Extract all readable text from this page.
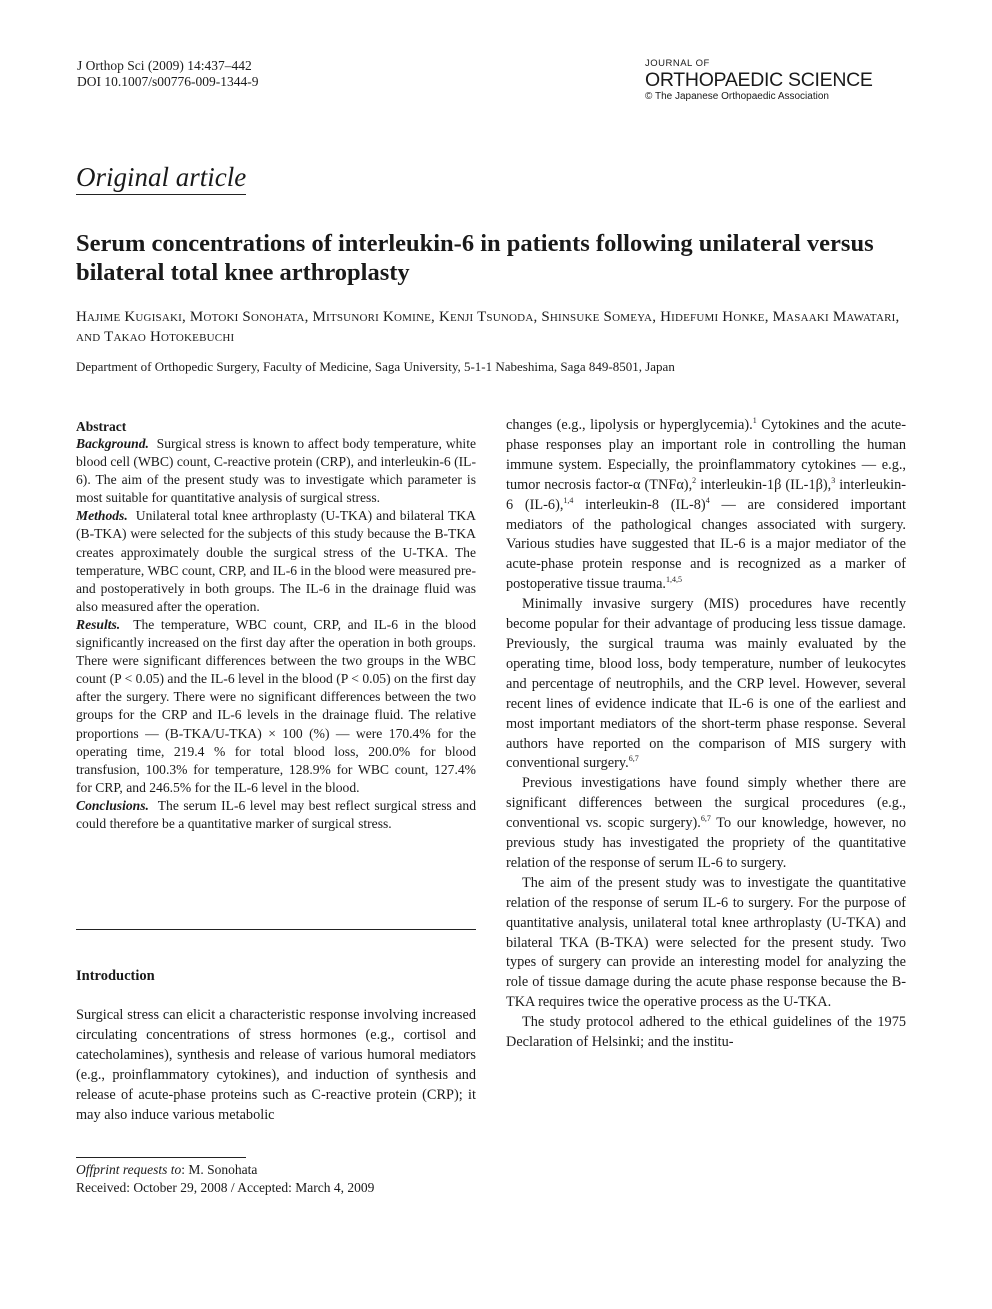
J Orthop Sci (2009) 14:437–442
DOI 10.1007/s00776-009-1344-9
JOURNAL OF
ORTHOPAEDIC SCIENCE
© The Japanese Orthopaedic Association
Original article
Serum concentrations of interleukin-6 in patients following unilateral versus bilateral total knee arthroplasty
Hajime Kugisaki, Motoki Sonohata, Mitsunori Komine, Kenji Tsunoda, Shinsuke Someya, Hidefumi Honke, Masaaki Mawatari, and Takao Hotokebuchi
Department of Orthopedic Surgery, Faculty of Medicine, Saga University, 5-1-1 Nabeshima, Saga 849-8501, Japan
Abstract

Background. Surgical stress is known to affect body temperature, white blood cell (WBC) count, C-reactive protein (CRP), and interleukin-6 (IL-6). The aim of the present study was to investigate which parameter is most suitable for quantitative analysis of surgical stress.

Methods. Unilateral total knee arthroplasty (U-TKA) and bilateral TKA (B-TKA) were selected for the subjects of this study because the B-TKA creates approximately double the surgical stress of the U-TKA. The temperature, WBC count, CRP, and IL-6 in the blood were measured pre- and postoperatively in both groups. The IL-6 in the drainage fluid was also measured after the operation.

Results. The temperature, WBC count, CRP, and IL-6 in the blood significantly increased on the first day after the operation in both groups. There were significant differences between the two groups in the WBC count (P < 0.05) and the IL-6 level in the blood (P < 0.05) on the first day after the surgery. There were no significant differences between the two groups for the CRP and IL-6 levels in the drainage fluid. The relative proportions — (B-TKA/U-TKA) × 100 (%) — were 170.4% for the operating time, 219.4 % for total blood loss, 200.0% for blood transfusion, 100.3% for temperature, 128.9% for WBC count, 127.4% for CRP, and 246.5% for the IL-6 level in the blood.

Conclusions. The serum IL-6 level may best reflect surgical stress and could therefore be a quantitative marker of surgical stress.

Introduction

Surgical stress can elicit a characteristic response involving increased circulating concentrations of stress hormones (e.g., cortisol and catecholamines), synthesis and release of various humoral mediators (e.g., proinflammatory cytokines), and induction of synthesis and release of acute-phase proteins such as C-reactive protein (CRP); it may also induce various metabolic

Offprint requests to: M. Sonohata
Received: October 29, 2008 / Accepted: March 4, 2009

changes (e.g., lipolysis or hyperglycemia).$^1$ Cytokines and the acute-phase responses play an important role in controlling the human immune system. Especially, the proinflammatory cytokines — e.g., tumor necrosis factor-α (TNFα),$^2$ interleukin-1β (IL-1β),$^3$ interleukin-6 (IL-6),$^{1,4}$ interleukin-8 $(IL-8)^4$ — are considered important mediators of the pathological changes associated with surgery. Various studies have suggested that IL-6 is a major mediator of the acute-phase protein response and is recognized as a marker of postoperative tissue trauma.$^{1,4,5}$

Minimally invasive surgery (MIS) procedures have recently become popular for their advantage of producing less tissue damage. Previously, the surgical trauma was mainly evaluated by the operating time, blood loss, body temperature, number of leukocytes and percentage of neutrophils, and the CRP level. However, several recent lines of evidence indicate that IL-6 is one of the earliest and most important mediators of the short-term phase response. Several authors have reported on the comparison of MIS surgery with conventional surgery.$^{6,7}$

Previous investigations have found simply whether there are significant differences between the surgical procedures (e.g., conventional vs. scopic surgery).$^{6,7}$ To our knowledge, however, no previous study has investigated the propriety of the quantitative relation of the response of serum IL-6 to surgery.

The aim of the present study was to investigate the quantitative relation of the response of serum IL-6 to surgery. For the purpose of quantitative analysis, unilateral total knee arthroplasty (U-TKA) and bilateral TKA (B-TKA) were selected for the present study. Two types of surgery can provide an interesting model for analyzing the role of tissue damage during the acute phase response because the B-TKA requires twice the operative process as the U-TKA.

The study protocol adhered to the ethical guidelines of the 1975 Declaration of Helsinki; and the institu-
